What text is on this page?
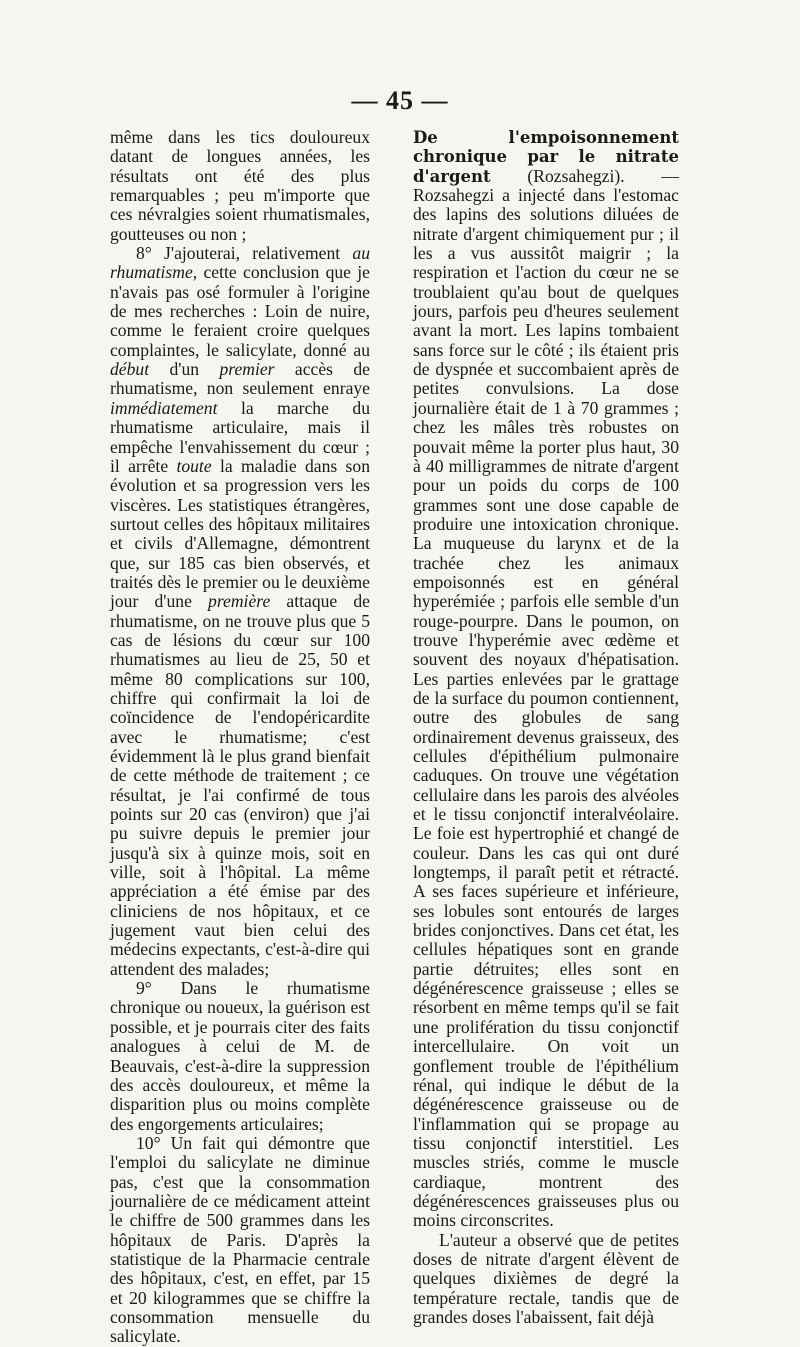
— 45 —

même dans les tics douloureux datant de longues années, les résultats ont été des plus remarquables ; peu m'importe que ces névralgies soient rhumatismales, goutteuses ou non ;

8° J'ajouterai, relativement au rhumatisme, cette conclusion que je n'avais pas osé formuler à l'origine de mes recherches : Loin de nuire, comme le feraient croire quelques complaintes, le salicylate, donné au début d'un premier accès de rhumatisme, non seulement enraye immédiatement la marche du rhumatisme articulaire, mais il empêche l'envahissement du cœur ; il arrête toute la maladie dans son évolution et sa progression vers les viscères. Les statistiques étrangères, surtout celles des hôpitaux militaires et civils d'Allemagne, démontrent que, sur 185 cas bien observés, et traités dès le premier ou le deuxième jour d'une première attaque de rhumatisme, on ne trouve plus que 5 cas de lésions du cœur sur 100 rhumatismes au lieu de 25, 50 et même 80 complications sur 100, chiffre qui confirmait la loi de coïncidence de l'endopéricardite avec le rhumatisme; c'est évidemment là le plus grand bienfait de cette méthode de traitement ; ce résultat, je l'ai confirmé de tous points sur 20 cas (environ) que j'ai pu suivre depuis le premier jour jusqu'à six à quinze mois, soit en ville, soit à l'hôpital. La même appréciation a été émise par des cliniciens de nos hôpitaux, et ce jugement vaut bien celui des médecins expectants, c'est-à-dire qui attendent des malades;

9° Dans le rhumatisme chronique ou noueux, la guérison est possible, et je pourrais citer des faits analogues à celui de M. de Beauvais, c'est-à-dire la suppression des accès douloureux, et même la disparition plus ou moins complète des engorgements articulaires;

10° Un fait qui démontre que l'emploi du salicylate ne diminue pas, c'est que la consommation journalière de ce médicament atteint le chiffre de 500 grammes dans les hôpitaux de Paris. D'après la statistique de la Pharmacie centrale des hôpitaux, c'est, en effet, par 15 et 20 kilogrammes que se chiffre la consommation mensuelle du salicylate.

De l'empoisonnement chronique par le nitrate d'argent (Rozsahegzi). — Rozsahegzi a injecté dans l'estomac des lapins des solutions diluées de nitrate d'argent chimiquement pur ; il les a vus aussitôt maigrir ; la respiration et l'action du cœur ne se troublaient qu'au bout de quelques jours, parfois peu d'heures seulement avant la mort. Les lapins tombaient sans force sur le côté ; ils étaient pris de dyspnée et succombaient après de petites convulsions. La dose journalière était de 1 à 70 grammes ; chez les mâles très robustes on pouvait même la porter plus haut, 30 à 40 milligrammes de nitrate d'argent pour un poids du corps de 100 grammes sont une dose capable de produire une intoxication chronique. La muqueuse du larynx et de la trachée chez les animaux empoisonnés est en général hyperémiée ; parfois elle semble d'un rouge-pourpre. Dans le poumon, on trouve l'hyperémie avec œdème et souvent des noyaux d'hépatisation. Les parties enlevées par le grattage de la surface du poumon contiennent, outre des globules de sang ordinairement devenus graisseux, des cellules d'épithélium pulmonaire caduques. On trouve une végétation cellulaire dans les parois des alvéoles et le tissu conjonctif interalvéolaire. Le foie est hypertrophié et changé de couleur. Dans les cas qui ont duré longtemps, il paraît petit et rétracté. A ses faces supérieure et inférieure, ses lobules sont entourés de larges brides conjonctives. Dans cet état, les cellules hépatiques sont en grande partie détruites; elles sont en dégénérescence graisseuse ; elles se résorbent en même temps qu'il se fait une prolifération du tissu conjonctif intercellulaire. On voit un gonflement trouble de l'épithélium rénal, qui indique le début de la dégénérescence graisseuse ou de l'inflammation qui se propage au tissu conjonctif interstitiel. Les muscles striés, comme le muscle cardiaque, montrent des dégénérescences graisseuses plus ou moins circonscrites.

L'auteur a observé que de petites doses de nitrate d'argent élèvent de quelques dixièmes de degré la température rectale, tandis que de grandes doses l'abaissent, fait déjà
